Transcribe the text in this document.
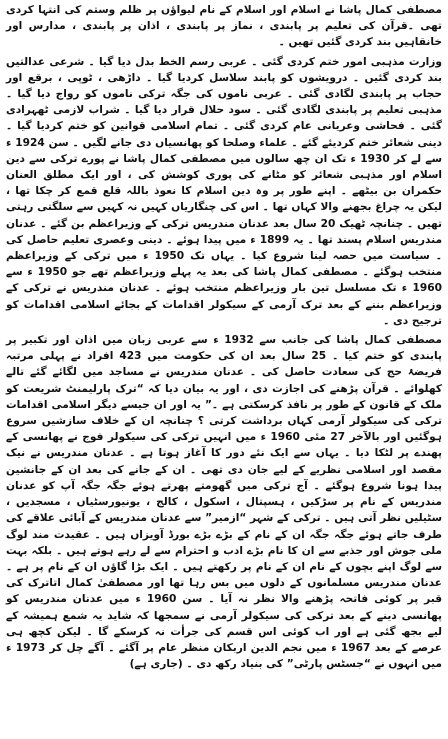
مصطفی کمال پاشا نے اسلام اور اسلام کے نام لیواؤں پر ظلم وستم کی انتہا کردی تھی ۔قرآن کی تعلیم پر پابندی ، نماز پر پابندی ، اذان پر پابندی ، مدارس اور خانقاہیں بند کردی گئیں تھیں ۔

وزارت مذہبی امور ختم کردی گئی ۔ عربی رسم الخط بدل دیا گیا ۔ شرعی عدالتیں بند کردی گئیں ۔ درویشوں کو پابند سلاسل کردیا گیا ۔ داڑھی ، ٹوپی ، برقع اور حجاب پر پابندی لگادی گئی ۔ عربی ناموں کی جگہ ترکی ناموں کو رواج دیا گیا ۔ مذہبی تعلیم پر پابندی لگادی گئی ۔ سود حلال قرار دیا گیا ۔ شراب لازمی ٹھہرادی گئی ۔ فحاشی وعریانی عام کردی گئی ۔ تمام اسلامی قوانین کو ختم کردیا گیا ۔ دینی شعائر ختم کردیئے گئے ۔ علماء وصلحا کو پھانسیاں دی جانے لگیں ۔ سن 1924 ء سے لے کر 1930 ء تک ان چھ سالوں میں مصطفی کمال پاشا نے پورے ترکی سے دین اسلام اور مذہبی شعائر کو مٹانے کی پوری کوشش کی ، اور ایک مطلق العنان حکمران بن بیٹھے ۔ اپنے طور پر وہ دین اسلام کا نعوذ باللہ قلع قمع کر چکا تھا ، لیکن یہ چراغ بجھنے والا کہاں تھا ۔ اس کی چنگاریاں کہیں نہ کہیں سے سلگتی رہتی تھیں ۔ چنانچہ ٹھیک 20 سال بعد عدنان مندریس ترکی کے وزیراعظم بن گئے ۔ عدنان مندریس اسلام پسند تھا ۔ یہ 1899 ء میں پیدا ہوئے ۔ دینی وعصری تعلیم حاصل کی ۔ سیاست میں حصہ لینا شروع کیا ۔ یہاں تک 1950 ء میں ترکی کے وزیراعظم منتخب ہوگئے ۔ مصطفی کمال پاشا کی بعد یہ پہلے وزیراعظم تھے جو 1950 ء سے 1960 ء تک مسلسل تین بار وزیراعظم منتخب ہوئے ۔ عدنان مندریس نے ترکی کے وزیراعظم بننے کے بعد ترک آرمی کے سیکولر اقدامات کے بجائے اسلامی اقدامات کو ترجیح دی ۔

مصطفی کمال پاشا کی جانب سے 1932 ء سے عربی زبان میں اذان اور تکبیر پر پابندی کو ختم کیا ۔ 25 سال بعد ان کی حکومت میں 423 افراد نے پہلی مرتبہ فریضۂ حج کی سعادت حاصل کی ۔ عدنان مندریس نے مساجد میں لگائے گئے تالے کھلوائے ۔ قرآن پڑھنے کی اجازت دی ، اور یہ بیان دیا کہ “ترک پارلیمنٹ شریعت کو ملک کے قانون کے طور پر نافذ کرسکتی ہے ۔” یہ اور ان جیسے دیگر اسلامی اقدامات ترکی کی سیکولر آرمی کہاں برداشت کرتی ؟ چنانچہ ان کے خلاف سازشیں سروع ہوگئیں اور بالآخر 27 مئی 1960 ء میں انہیں ترکی کی سیکولر فوج نے پھانسی کے پھندے پر لٹکا دیا ۔ یہاں سے ایک نئے دور کا آغاز ہوتا ہے ۔ عدنان مندریس نے نیک مقصد اور اسلامی نظریے کے لیے جان دی تھی ۔ ان کے جانے کی بعد ان کے جانشین پیدا ہونا شروع ہوگئے ۔ آج ترکی میں گھومتے پھرتے ہوئے جگہ جگہ آپ کو عدنان مندریس کے نام پر سڑکیں ، ہسپتال ، اسکول ، کالج ، یونیورسٹیاں ، مسجدیں ، سٹیلیں نظر آتی ہیں ۔ ترکی کے شہر “ازمیر” سے عدنان مندریس کے آبائی علاقے کی طرف جاتے ہوئے جگہ جگہ ان کے نام کے بڑے بڑے بورڈ آویزاں ہیں ۔ عقیدت مند لوگ ملی جوش اور جذبے سے ان کا نام بڑے ادب و احترام سے لے رہے ہوتے ہیں ۔ بلکہ بہت سے لوگ اپنے بچوں کے نام ان کے نام پر رکھتے ہیں ۔ ایک بڑا گاؤں ان کے نام پر ہے ۔ عدنان مندریس مسلمانوں کے دلوں میں بس رہا تھا اور مصطفیٰ کمال اتاترک کی قبر پر کوئی فاتحہ پڑھنے والا نظر نہ آیا ۔ سن 1960 ء میں عدنان مندریس کو پھانسی دینے کے بعد ترکی کی سیکولر آرمی نے سمجھا کہ شاید یہ شمع ہمیشہ کے لیے بجھ گئی ہے اور اب کوئی اس قسم کی جرأت نہ کرسکے گا ۔ لیکن کچھ ہی عرصے کے بعد 1967 ء میں نجم الدین اربکان منظر عام پر آگئے ۔ آگے چل کر 1973 ء میں انہوں نے “جسٹس پارٹی” کی بنیاد رکھ دی ۔ (جاری ہے)
